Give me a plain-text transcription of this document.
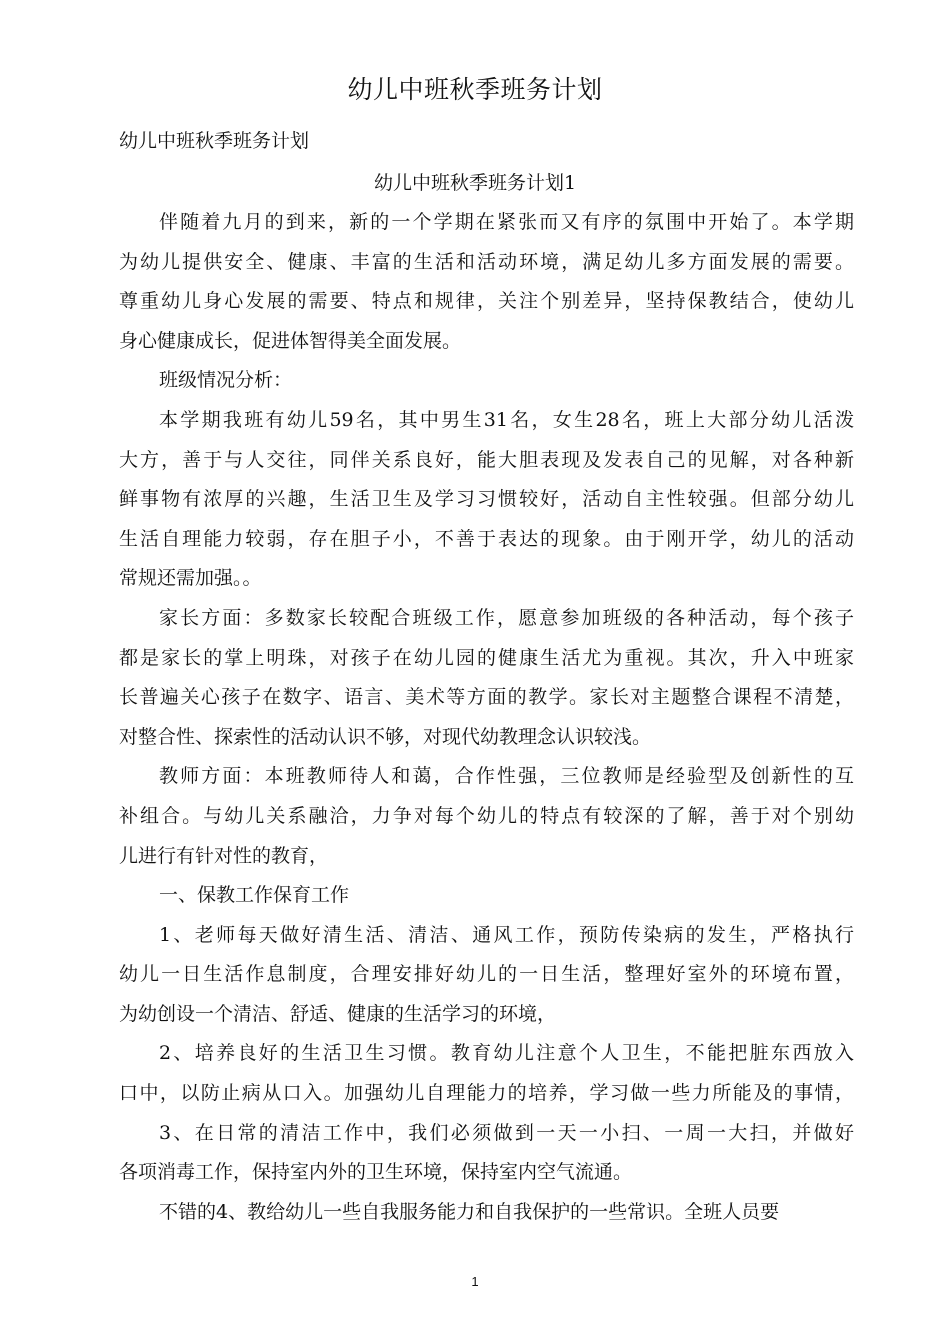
幼儿中班秋季班务计划
幼儿中班秋季班务计划
幼儿中班秋季班务计划1
伴随着九月的到来，新的一个学期在紧张而又有序的氛围中开始了。本学期
为幼儿提供安全、健康、丰富的生活和活动环境，满足幼儿多方面发展的需要。
尊重幼儿身心发展的需要、特点和规律，关注个别差异，坚持保教结合，使幼儿
身心健康成长，促进体智得美全面发展。
班级情况分析：
本学期我班有幼儿59名，其中男生31名，女生28名，班上大部分幼儿活泼
大方，善于与人交往，同伴关系良好，能大胆表现及发表自己的见解，对各种新
鲜事物有浓厚的兴趣，生活卫生及学习习惯较好，活动自主性较强。但部分幼儿
生活自理能力较弱，存在胆子小，不善于表达的现象。由于刚开学，幼儿的活动
常规还需加强。。
家长方面：多数家长较配合班级工作，愿意参加班级的各种活动，每个孩子
都是家长的掌上明珠，对孩子在幼儿园的健康生活尤为重视。其次，升入中班家
长普遍关心孩子在数字、语言、美术等方面的教学。家长对主题整合课程不清楚，
对整合性、探索性的活动认识不够，对现代幼教理念认识较浅。
教师方面：本班教师待人和蔼，合作性强，三位教师是经验型及创新性的互
补组合。与幼儿关系融洽，力争对每个幼儿的特点有较深的了解，善于对个别幼
儿进行有针对性的教育，
一、保教工作保育工作
1、老师每天做好清生活、清洁、通风工作，预防传染病的发生，严格执行
幼儿一日生活作息制度，合理安排好幼儿的一日生活，整理好室外的环境布置，
为幼创设一个清洁、舒适、健康的生活学习的环境，
2、培养良好的生活卫生习惯。教育幼儿注意个人卫生，不能把脏东西放入
口中，以防止病从口入。加强幼儿自理能力的培养，学习做一些力所能及的事情，
3、在日常的清洁工作中，我们必须做到一天一小扫、一周一大扫，并做好
各项消毒工作，保持室内外的卫生环境，保持室内空气流通。
不错的4、教给幼儿一些自我服务能力和自我保护的一些常识。全班人员要
1
